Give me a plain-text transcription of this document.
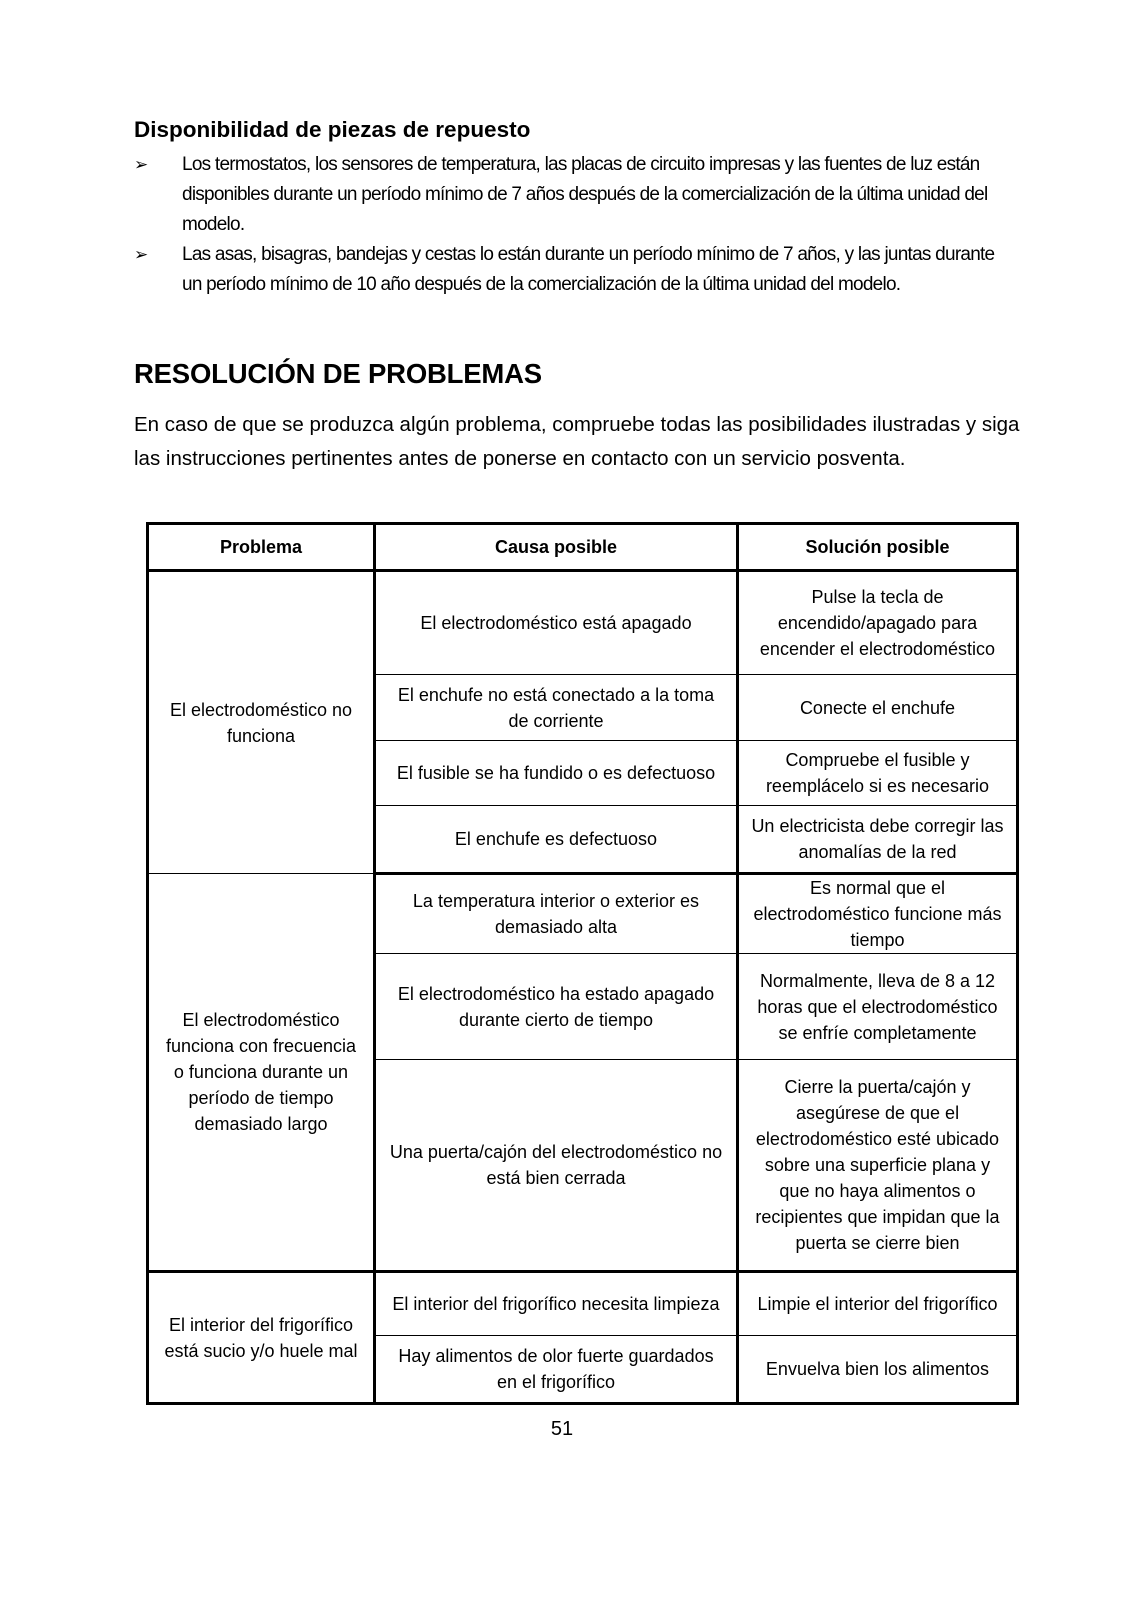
Disponibilidad de piezas de repuesto
➢	Los termostatos, los sensores de temperatura, las placas de circuito impresas y las fuentes de luz están disponibles durante un período mínimo de 7 años después de la comercialización de la última unidad del modelo.
➢	Las asas, bisagras, bandejas y cestas lo están durante un período mínimo de 7 años, y las juntas durante un período mínimo de 10 año después de la comercialización de la última unidad del modelo.
RESOLUCIÓN DE PROBLEMAS

En caso de que se produzca algún problema, compruebe todas las posibilidades ilustradas y siga las instrucciones pertinentes antes de ponerse en contacto con un servicio posventa.

Problema	Causa posible	Solución posible
El electrodoméstico no funciona	El electrodoméstico está apagado	Pulse la tecla de encendido/apagado para encender el electrodoméstico
	El enchufe no está conectado a la toma de corriente	Conecte el enchufe
	El fusible se ha fundido o es defectuoso	Compruebe el fusible y reemplácelo si es necesario
	El enchufe es defectuoso	Un electricista debe corregir las anomalías de la red
El electrodoméstico funciona con frecuencia o funciona durante un período de tiempo demasiado largo	La temperatura interior o exterior es demasiado alta	Es normal que el electrodoméstico funcione más tiempo
	El electrodoméstico ha estado apagado durante cierto de tiempo	Normalmente, lleva de 8 a 12 horas que el electrodoméstico se enfríe completamente
	Una puerta/cajón del electrodoméstico no está bien cerrada	Cierre la puerta/cajón y asegúrese de que el electrodoméstico esté ubicado sobre una superficie plana y que no haya alimentos o recipientes que impidan que la puerta se cierre bien
El interior del frigorífico está sucio y/o huele mal	El interior del frigorífico necesita limpieza	Limpie el interior del frigorífico
	Hay alimentos de olor fuerte guardados en el frigorífico	Envuelva bien los alimentos
51
